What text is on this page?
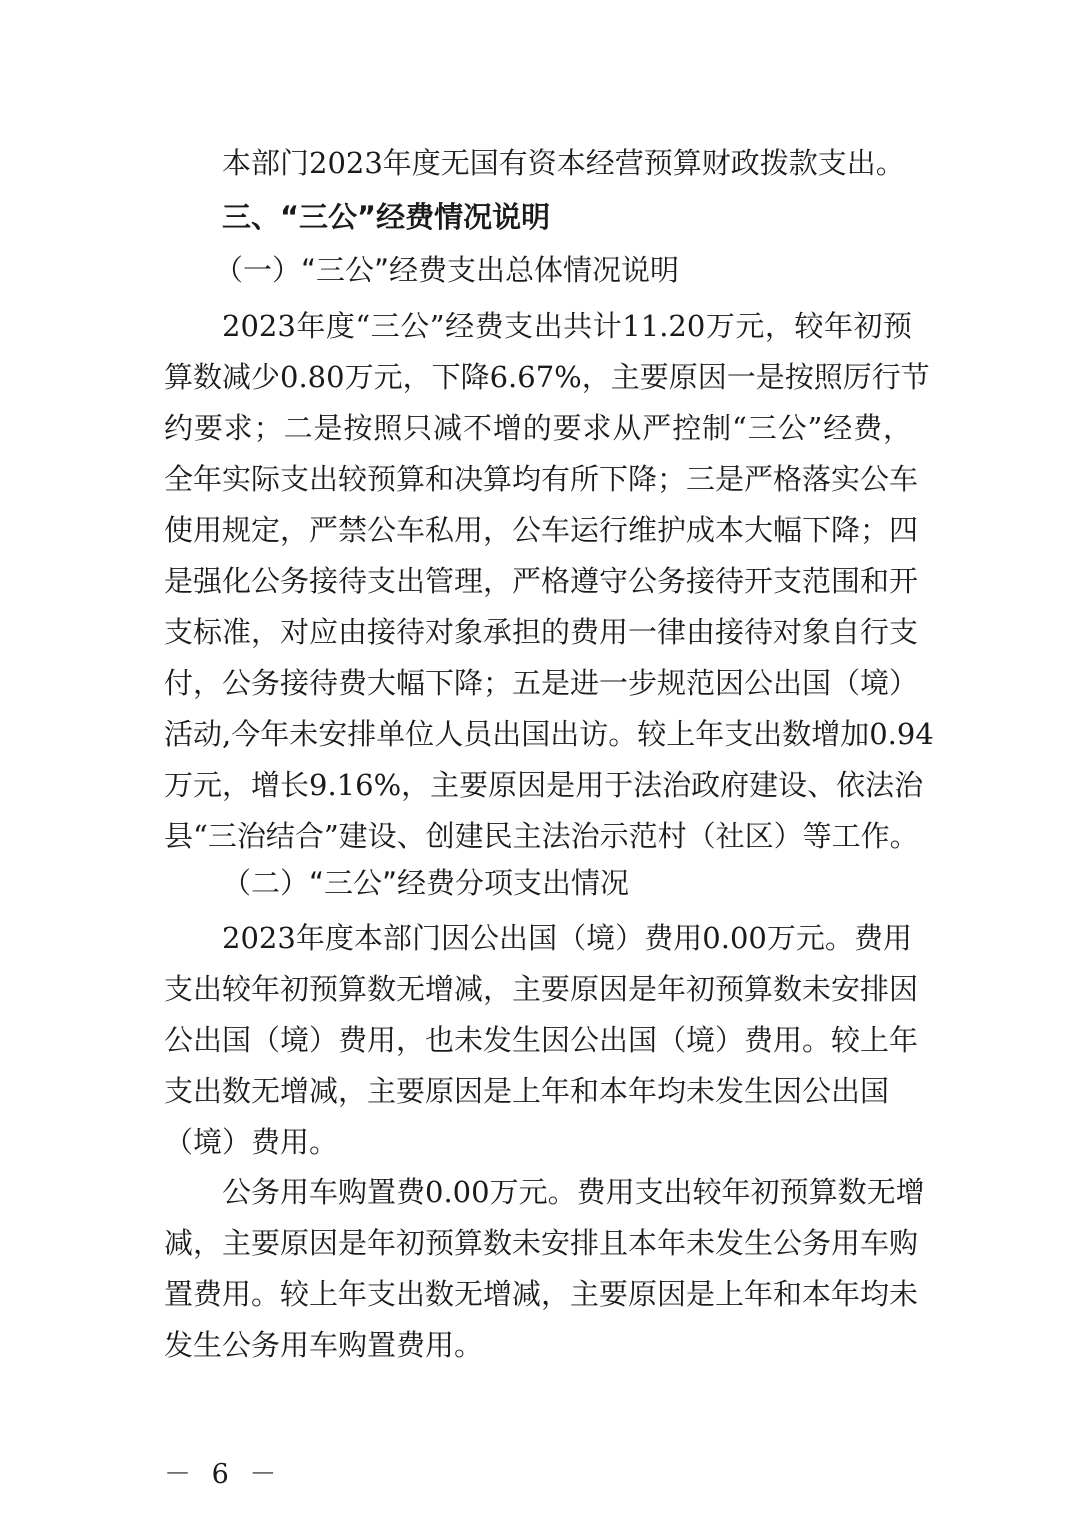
本部门2023年度无国有资本经营预算财政拨款支出。
三、“三公”经费情况说明
（一）“三公”经费支出总体情况说明
2023年度“三公”经费支出共计11.20万元，较年初预
算数减少0.80万元，下降6.67%，主要原因一是按照厉行节
约要求；二是按照只减不增的要求从严控制“三公”经费，
全年实际支出较预算和决算均有所下降；三是严格落实公车
使用规定，严禁公车私用，公车运行维护成本大幅下降；四
是强化公务接待支出管理，严格遵守公务接待开支范围和开
支标准，对应由接待对象承担的费用一律由接待对象自行支
付，公务接待费大幅下降；五是进一步规范因公出国（境）
活动,今年未安排单位人员出国出访。较上年支出数增加0.94
万元，增长9.16%，主要原因是用于法治政府建设、依法治
县“三治结合”建设、创建民主法治示范村（社区）等工作。
（二）“三公”经费分项支出情况
2023年度本部门因公出国（境）费用0.00万元。费用
支出较年初预算数无增减，主要原因是年初预算数未安排因
公出国（境）费用，也未发生因公出国（境）费用。较上年
支出数无增减，主要原因是上年和本年均未发生因公出国
（境）费用。
公务用车购置费0.00万元。费用支出较年初预算数无增
减，主要原因是年初预算数未安排且本年未发生公务用车购
置费用。较上年支出数无增减，主要原因是上年和本年均未
发生公务用车购置费用。
－ 6 －
